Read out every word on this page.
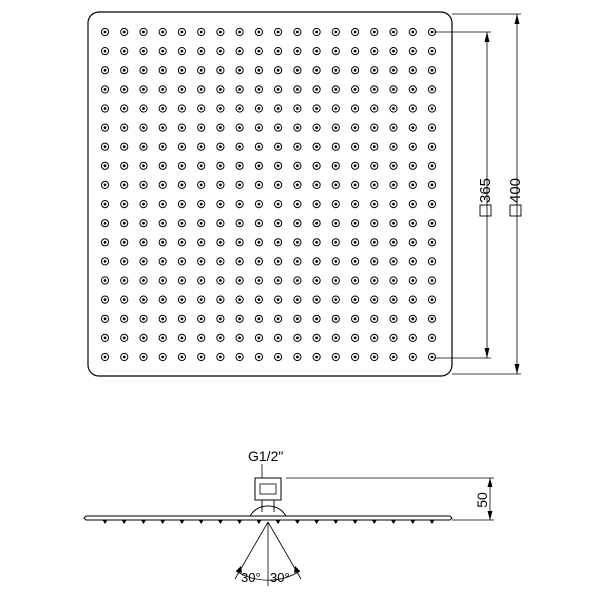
365 400
G1/2"
50
30° 30°
